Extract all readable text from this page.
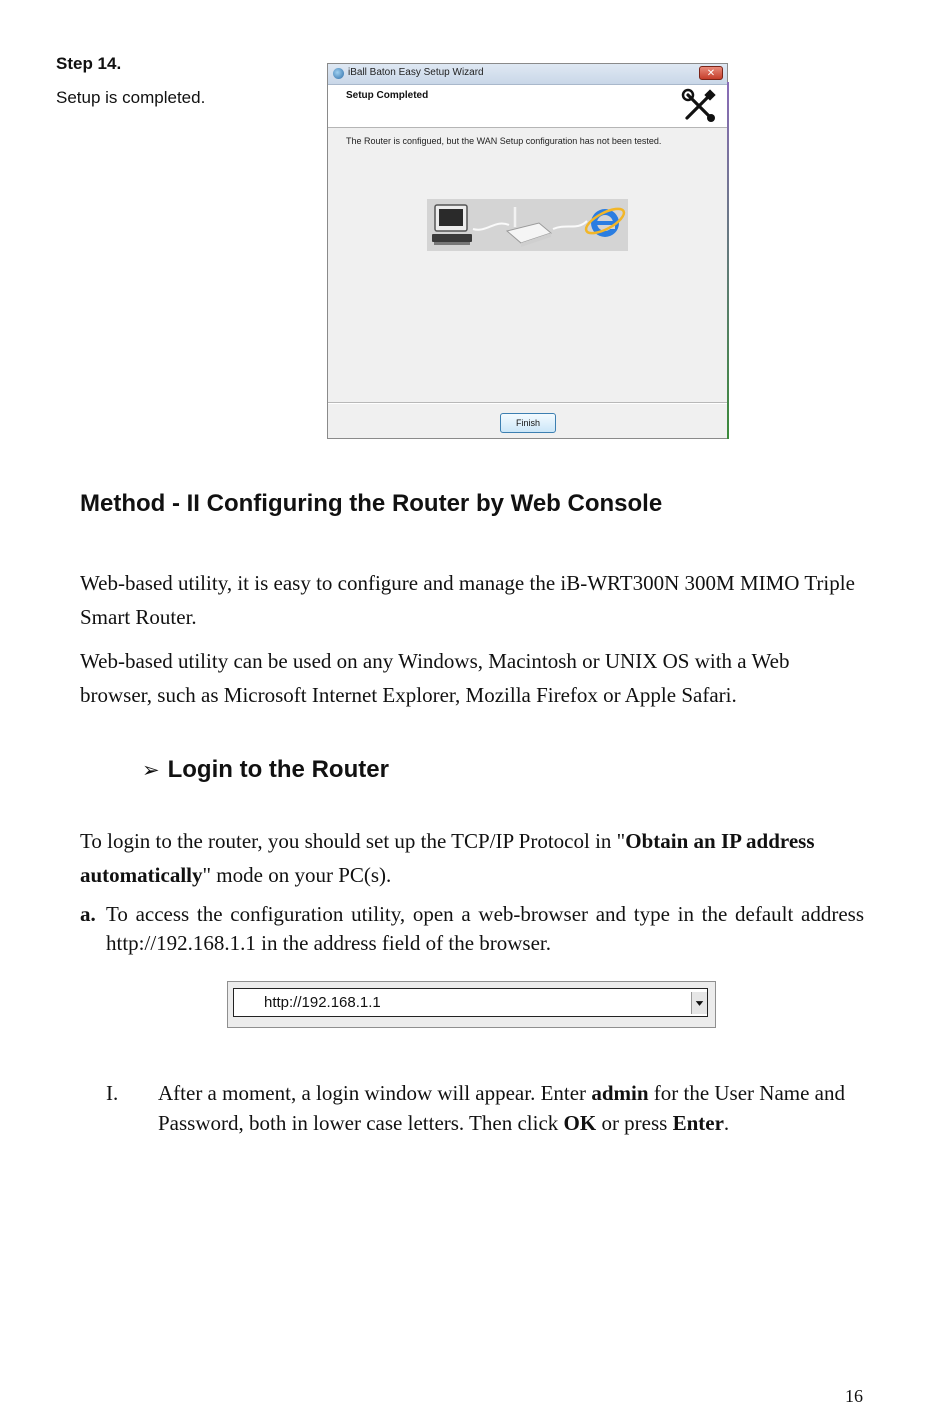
Step 14.
Setup is completed.
iBall Baton Easy Setup Wizard	✕
Setup Completed
The Router is configued, but the WAN Setup configuration has not been tested.
Finish
Method - II Configuring the Router by Web Console
Web-based utility, it is easy to configure and manage the iB-WRT300N 300M MIMO Triple Smart Router.
Web-based utility can be used on any Windows, Macintosh or UNIX OS with a Web browser, such as Microsoft Internet Explorer, Mozilla Firefox or Apple Safari.
➢ Login to the Router
To login to the router, you should set up the TCP/IP Protocol in "Obtain an IP address automatically" mode on your PC(s).
a. To access the configuration utility, open a web-browser and type in the default address http://192.168.1.1 in the address field of the browser.
http://192.168.1.1
I. After a moment, a login window will appear. Enter admin for the User Name and Password, both in lower case letters. Then click OK or press Enter.
16
